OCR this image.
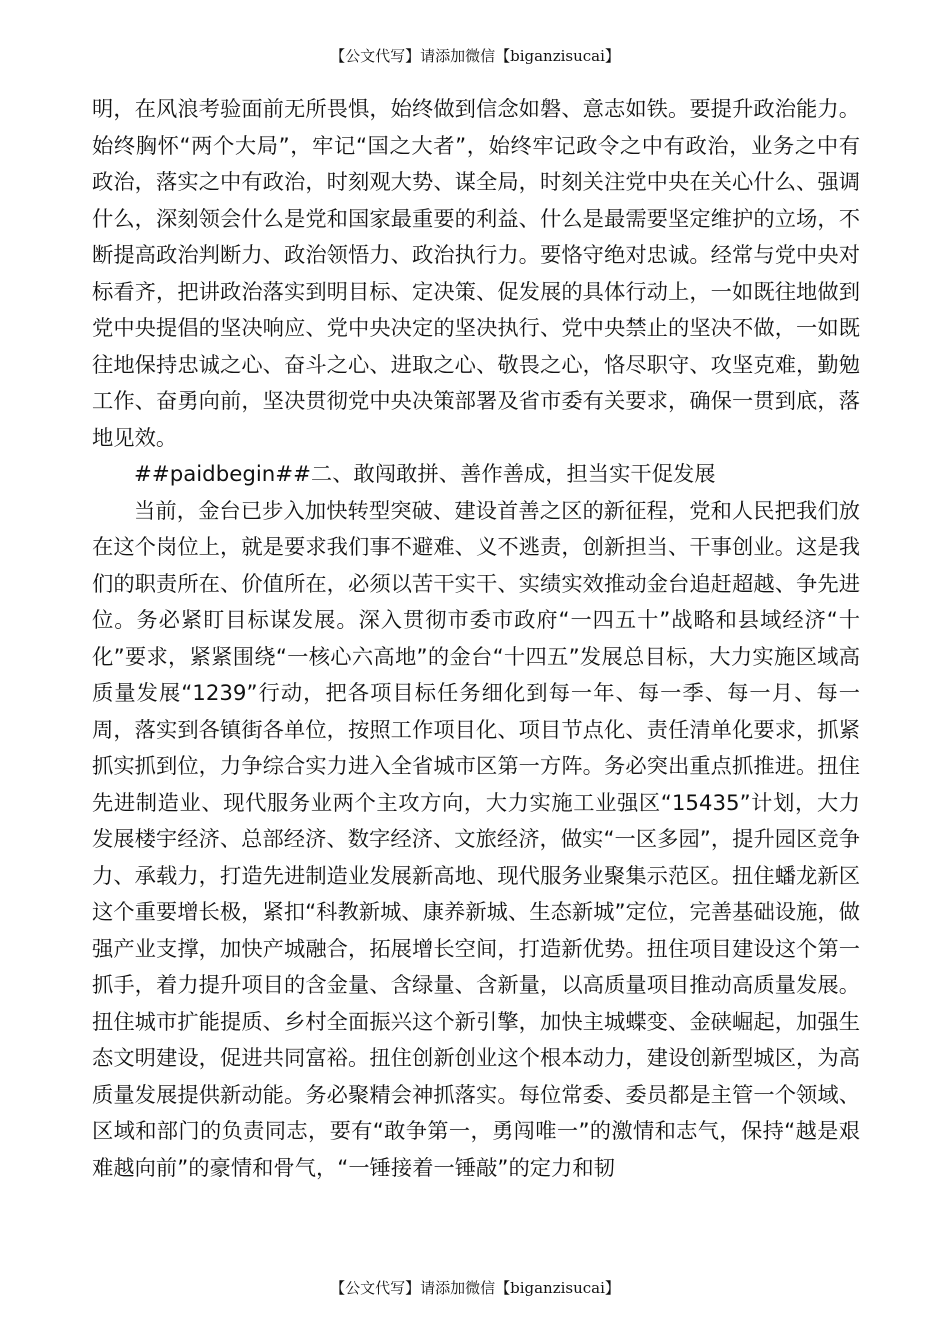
【公文代写】请添加微信【biganzisucai】

明，在风浪考验面前无所畏惧，始终做到信念如磐、意志如铁。要提升政治能力。始终胸怀“两个大局”，牢记“国之大者”，始终牢记政令之中有政治，业务之中有政治，落实之中有政治，时刻观大势、谋全局，时刻关注党中央在关心什么、强调什么，深刻领会什么是党和国家最重要的利益、什么是最需要坚定维护的立场，不断提高政治判断力、政治领悟力、政治执行力。要恪守绝对忠诚。经常与党中央对标看齐，把讲政治落实到明目标、定决策、促发展的具体行动上，一如既往地做到党中央提倡的坚决响应、党中央决定的坚决执行、党中央禁止的坚决不做，一如既往地保持忠诚之心、奋斗之心、进取之心、敬畏之心，恪尽职守、攻坚克难，勤勉工作、奋勇向前，坚决贯彻党中央决策部署及省市委有关要求，确保一贯到底，落地见效。

##paidbegin##二、敢闯敢拼、善作善成，担当实干促发展

当前，金台已步入加快转型突破、建设首善之区的新征程，党和人民把我们放在这个岗位上，就是要求我们事不避难、义不逃责，创新担当、干事创业。这是我们的职责所在、价值所在，必须以苦干实干、实绩实效推动金台追赶超越、争先进位。务必紧盯目标谋发展。深入贯彻市委市政府“一四五十”战略和县域经济“十化”要求，紧紧围绕“一核心六高地”的金台“十四五”发展总目标，大力实施区域高质量发展“1239”行动，把各项目标任务细化到每一年、每一季、每一月、每一周，落实到各镇街各单位，按照工作项目化、项目节点化、责任清单化要求，抓紧抓实抓到位，力争综合实力进入全省城市区第一方阵。务必突出重点抓推进。扭住先进制造业、现代服务业两个主攻方向，大力实施工业强区“15435”计划，大力发展楼宇经济、总部经济、数字经济、文旅经济，做实“一区多园”，提升园区竞争力、承载力，打造先进制造业发展新高地、现代服务业聚集示范区。扭住蟠龙新区这个重要增长极，紧扣“科教新城、康养新城、生态新城”定位，完善基础设施，做强产业支撑，加快产城融合，拓展增长空间，打造新优势。扭住项目建设这个第一抓手，着力提升项目的含金量、含绿量、含新量，以高质量项目推动高质量发展。扭住城市扩能提质、乡村全面振兴这个新引擎，加快主城蝶变、金硖崛起，加强生态文明建设，促进共同富裕。扭住创新创业这个根本动力，建设创新型城区，为高质量发展提供新动能。务必聚精会神抓落实。每位常委、委员都是主管一个领域、区域和部门的负责同志，要有“敢争第一，勇闯唯一”的激情和志气，保持“越是艰难越向前”的豪情和骨气，“一锤接着一锤敲”的定力和韧

【公文代写】请添加微信【biganzisucai】
